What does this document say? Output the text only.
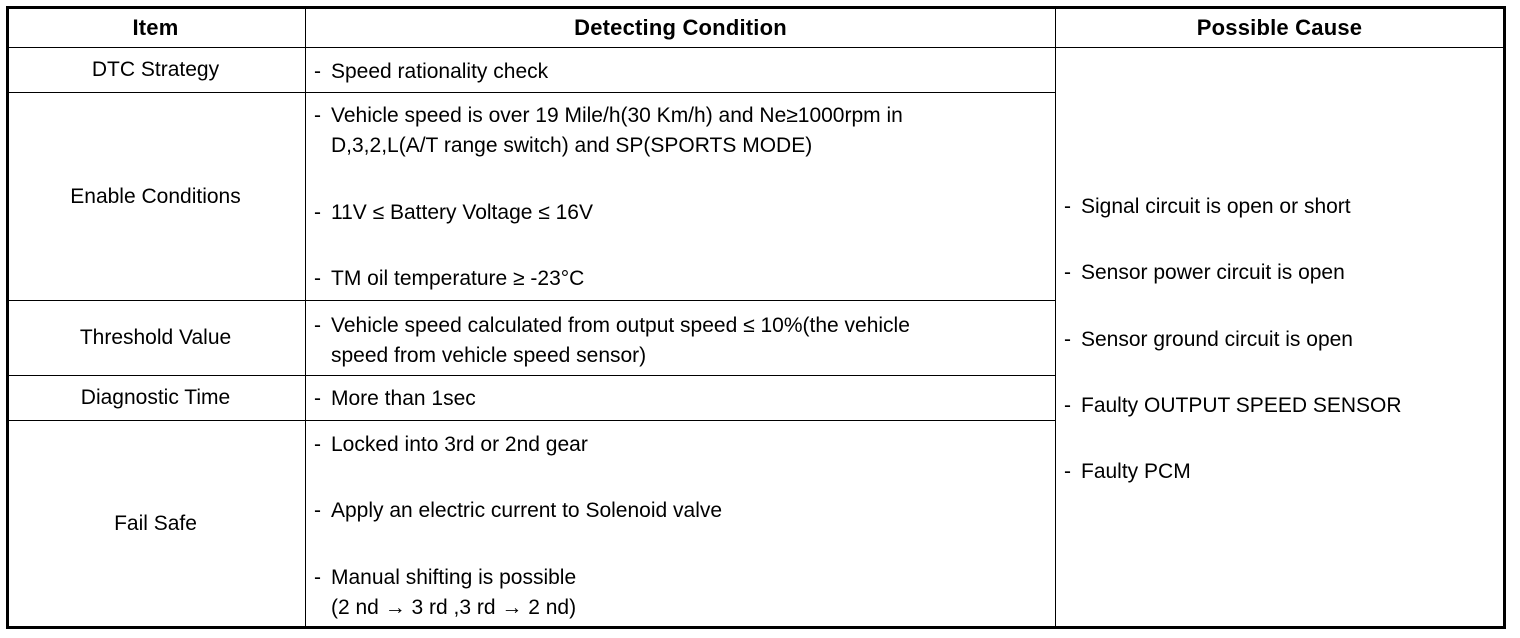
Item	Detecting Condition	Possible Cause
DTC Strategy
Enable Conditions
Threshold Value
Diagnostic Time
Fail Safe
- Speed rationality check
- Vehicle speed is over 19 Mile/h(30 Km/h) and Ne≥1000rpm in
D,3,2,L(A/T range switch) and SP(SPORTS MODE)
- 11V ≤ Battery Voltage ≤ 16V
- TM oil temperature ≥ -23°C
- Vehicle speed calculated from output speed ≤ 10%(the vehicle
speed from vehicle speed sensor)
- More than 1sec
- Locked into 3rd or 2nd gear
- Apply an electric current to Solenoid valve
- Manual shifting is possible
(2 nd → 3 rd ,3 rd → 2 nd)
- Signal circuit is open or short
- Sensor power circuit is open
- Sensor ground circuit is open
- Faulty OUTPUT SPEED SENSOR
- Faulty PCM
